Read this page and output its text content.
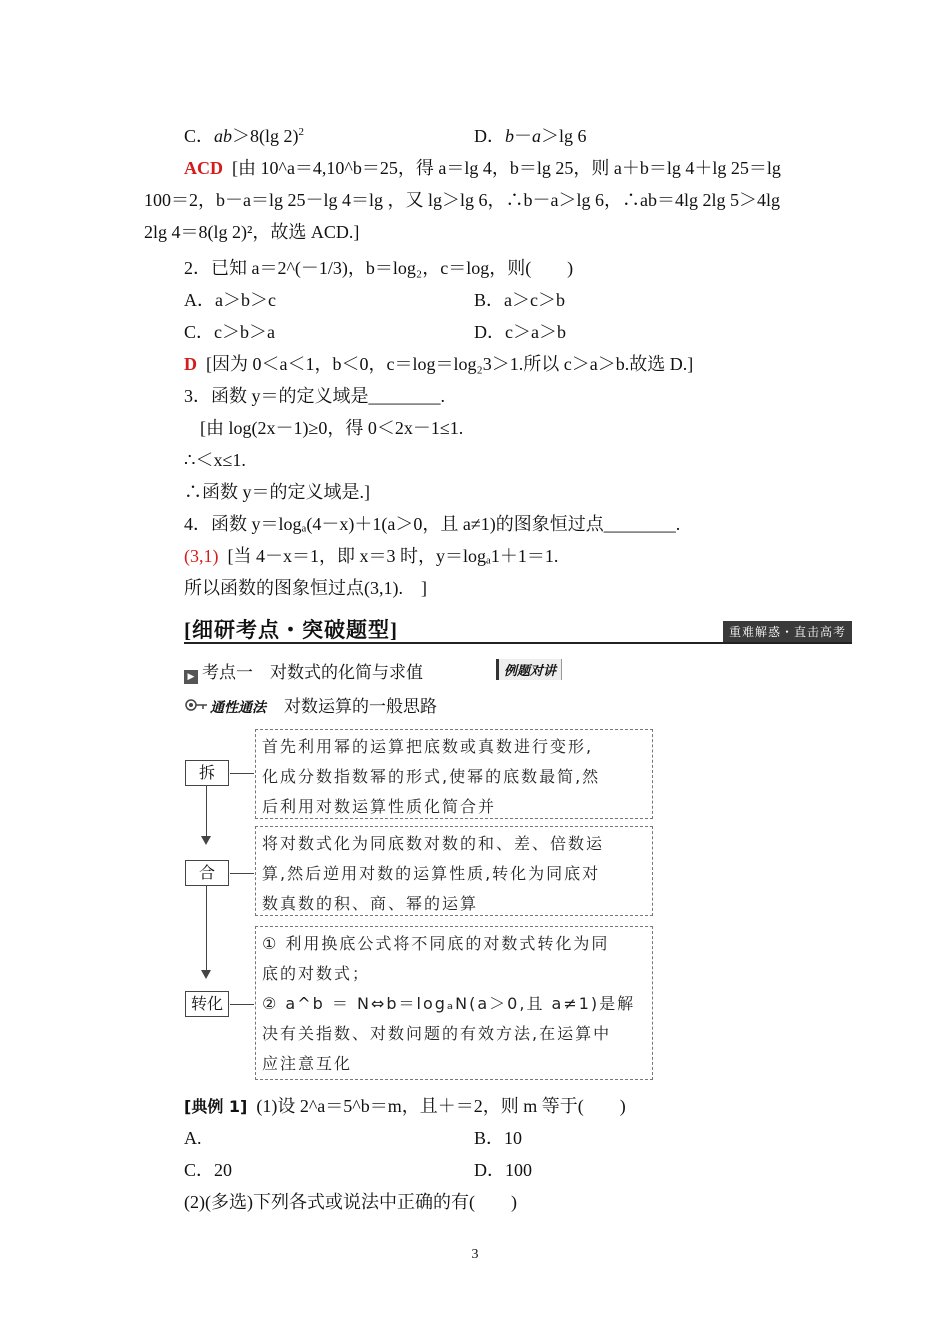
C．ab＞8(lg 2)$^2$	D．b－a＞lg 6
ACD [由 10^a＝4,10^b＝25，得 a＝lg 4，b＝lg 25，则 a＋b＝lg 4＋lg 25＝lg
100＝2，b－a＝lg 25－lg 4＝lg ，又 lg＞lg 6，∴b－a＞lg 6，∴ab＝4lg 2lg 5＞4lg
2lg 4＝8(lg 2)²，故选 ACD.]
2．已知 a＝2^(－1/3)，b＝log₂，c＝log，则(　　)
A．a＞b＞c	B．a＞c＞b
C．c＞b＞a	D．c＞a＞b
D [因为 0＜a＜1，b＜0，c＝log＝log₂3＞1.所以 c＞a＞b.故选 D.]
3．函数 y＝的定义域是________.
[由 log(2x－1)≥0，得 0＜2x－1≤1.
∴＜x≤1.
∴函数 y＝的定义域是.]
4．函数 y＝logₐ(4－x)＋1(a＞0，且 a≠1)的图象恒过点________.
(3,1) [当 4－x＝1，即 x＝3 时，y＝logₐ1＋1＝1.
所以函数的图象恒过点(3,1).　]
[细研考点・突破题型]	重难解惑・直击高考
▶ 考点一　对数式的化简与求值	例题对讲
通性通法 对数运算的一般思路
拆
首先利用幂的运算把底数或真数进行变形,
化成分数指数幂的形式,使幂的底数最简,然
后利用对数运算性质化简合并
合
将对数式化为同底数对数的和、差、倍数运
算,然后逆用对数的运算性质,转化为同底对
数真数的积、商、幂的运算
转化
① 利用换底公式将不同底的对数式转化为同
底的对数式；
② a^b ＝ N⇔b＝logₐN(a＞0,且 a≠1)是解
决有关指数、对数问题的有效方法,在运算中
应注意互化
[典例 1] (1)设 2^a＝5^b＝m，且＋＝2，则 m 等于(　　)
A.	B．10
C．20	D．100
(2)(多选)下列各式或说法中正确的有(　　)
3
